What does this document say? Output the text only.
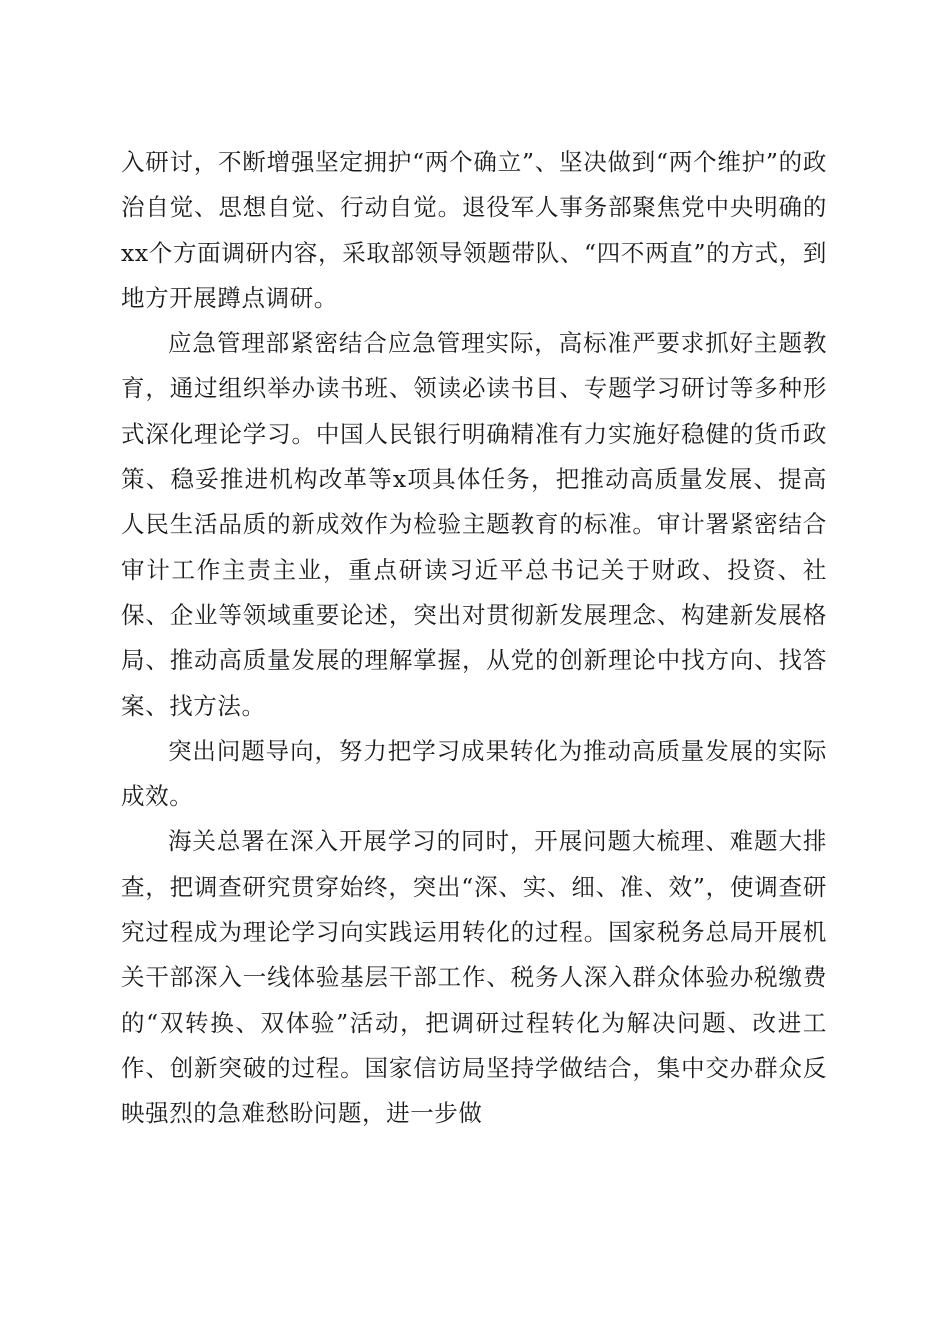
入研讨，不断增强坚定拥护“两个确立”、坚决做到“两个维护”的政治自觉、思想自觉、行动自觉。退役军人事务部聚焦党中央明确的xx个方面调研内容，采取部领导领题带队、“四不两直”的方式，到地方开展蹲点调研。

应急管理部紧密结合应急管理实际，高标准严要求抓好主题教育，通过组织举办读书班、领读必读书目、专题学习研讨等多种形式深化理论学习。中国人民银行明确精准有力实施好稳健的货币政策、稳妥推进机构改革等x项具体任务，把推动高质量发展、提高人民生活品质的新成效作为检验主题教育的标准。审计署紧密结合审计工作主责主业，重点研读习近平总书记关于财政、投资、社保、企业等领域重要论述，突出对贯彻新发展理念、构建新发展格局、推动高质量发展的理解掌握，从党的创新理论中找方向、找答案、找方法。

突出问题导向，努力把学习成果转化为推动高质量发展的实际成效。

海关总署在深入开展学习的同时，开展问题大梳理、难题大排查，把调查研究贯穿始终，突出“深、实、细、准、效”，使调查研究过程成为理论学习向实践运用转化的过程。国家税务总局开展机关干部深入一线体验基层干部工作、税务人深入群众体验办税缴费的“双转换、双体验”活动，把调研过程转化为解决问题、改进工作、创新突破的过程。国家信访局坚持学做结合，集中交办群众反映强烈的急难愁盼问题，进一步做
